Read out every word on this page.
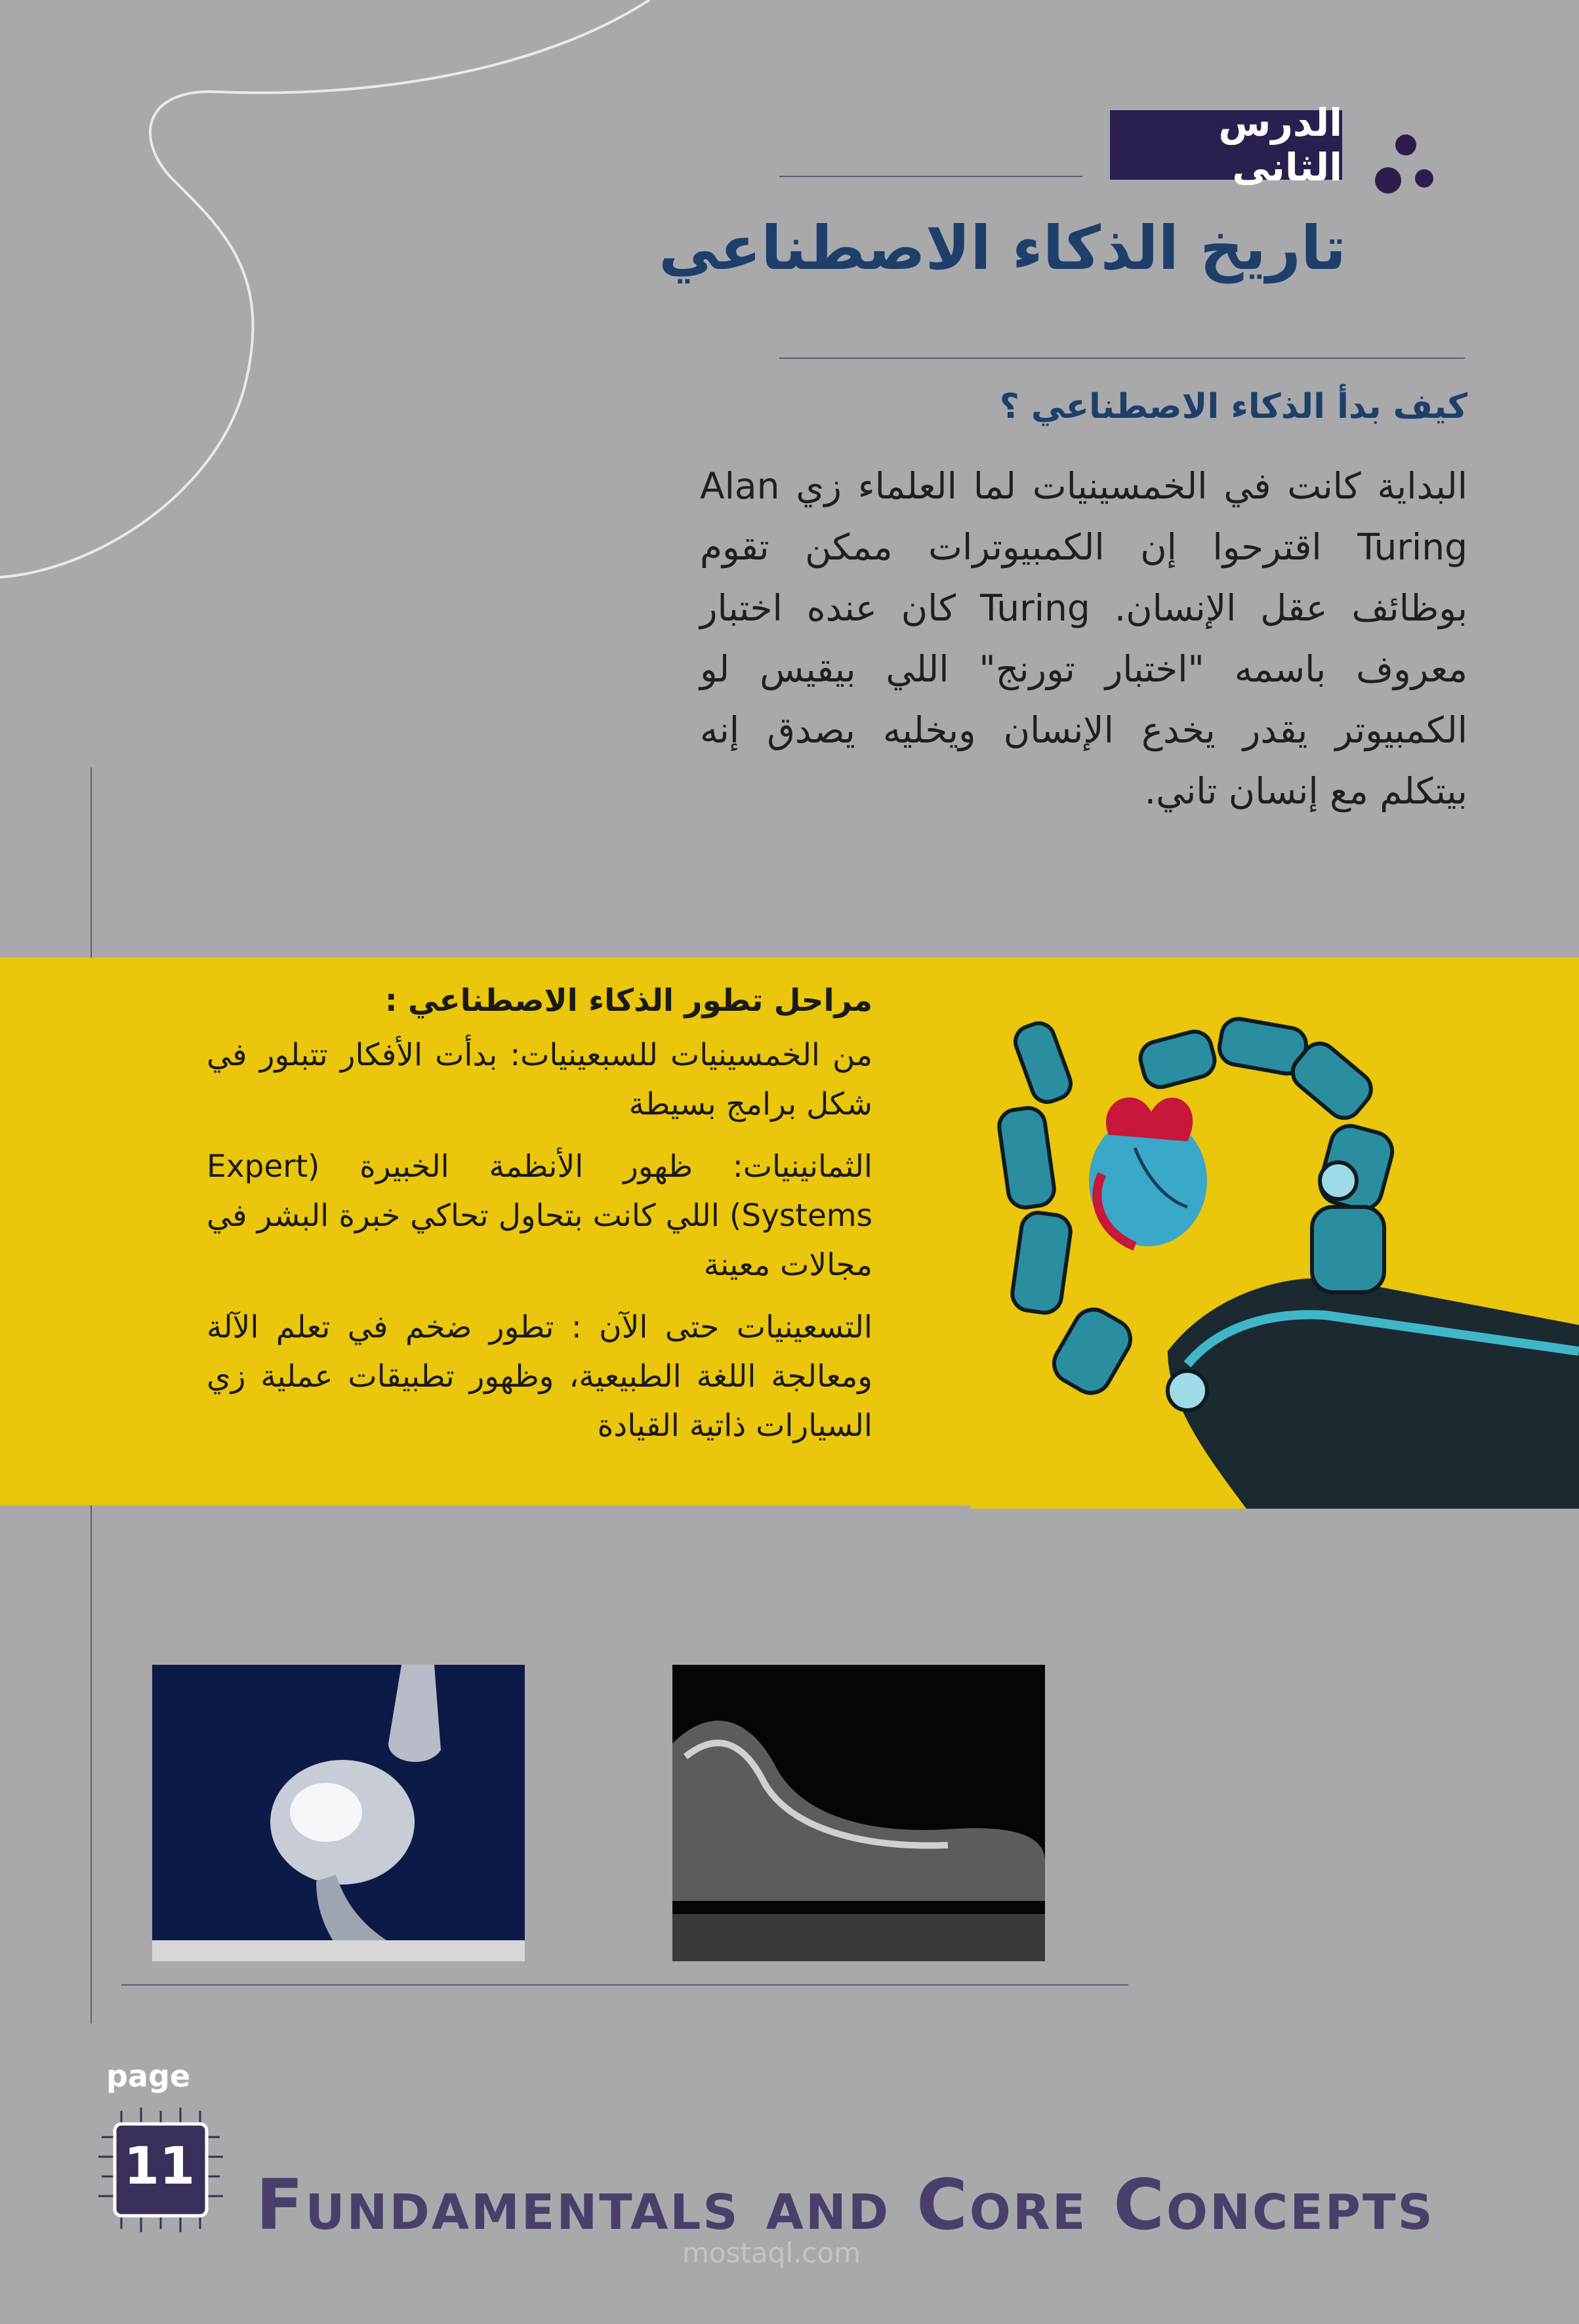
الدرس الثانى
تاريخ الذكاء الاصطناعي
كيف بدأ الذكاء الاصطناعي ؟
البداية كانت في الخمسينيات لما العلماء زي Alan Turing اقترحوا إن الكمبيوترات ممكن تقوم بوظائف عقل الإنسان. Turing كان عنده اختبار معروف باسمه "اختبار تورنج" اللي بيقيس لو الكمبيوتر يقدر يخدع الإنسان ويخليه يصدق إنه بيتكلم مع إنسان تاني.
مراحل تطور الذكاء الاصطناعي :
من الخمسينيات للسبعينيات: بدأت الأفكار تتبلور في شكل برامج بسيطة
الثمانينيات: ظهور الأنظمة الخبيرة (Expert Systems) اللي كانت بتحاول تحاكي خبرة البشر في مجالات معينة
التسعينيات حتى الآن : تطور ضخم في تعلم الآلة ومعالجة اللغة الطبيعية، وظهور تطبيقات عملية زي السيارات ذاتية القيادة
page
11 Fundamentals and Core Concepts
mostaql.com
